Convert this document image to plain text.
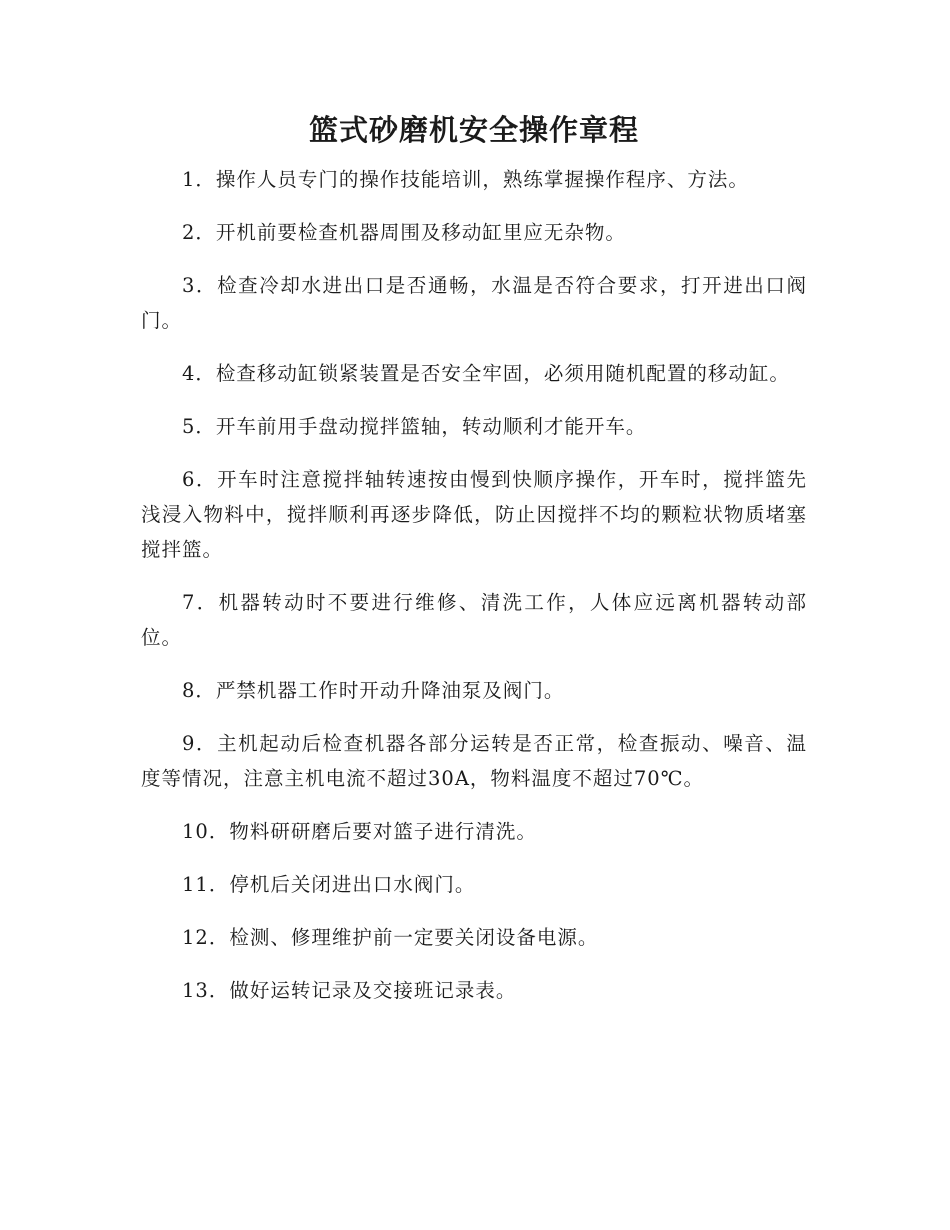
篮式砂磨机安全操作章程

1．操作人员专门的操作技能培训，熟练掌握操作程序、方法。

2．开机前要检查机器周围及移动缸里应无杂物。

3．检查冷却水进出口是否通畅，水温是否符合要求，打开进出口阀门。

4．检查移动缸锁紧装置是否安全牢固，必须用随机配置的移动缸。

5．开车前用手盘动搅拌篮轴，转动顺利才能开车。

6．开车时注意搅拌轴转速按由慢到快顺序操作，开车时，搅拌篮先浅浸入物料中，搅拌顺利再逐步降低，防止因搅拌不均的颗粒状物质堵塞搅拌篮。

7．机器转动时不要进行维修、清洗工作，人体应远离机器转动部位。

8．严禁机器工作时开动升降油泵及阀门。

9．主机起动后检查机器各部分运转是否正常，检查振动、噪音、温度等情况，注意主机电流不超过30A，物料温度不超过70℃。

10．物料研研磨后要对篮子进行清洗。

11．停机后关闭进出口水阀门。

12．检测、修理维护前一定要关闭设备电源。

13．做好运转记录及交接班记录表。
